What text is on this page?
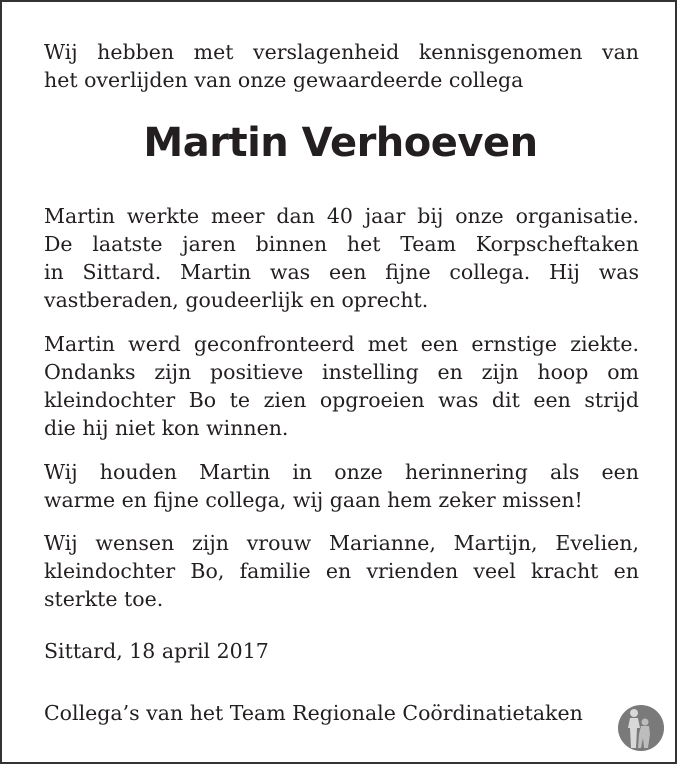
Wij hebben met verslagenheid kennisgenomen van
het overlijden van onze gewaardeerde collega
Martin Verhoeven
Martin werkte meer dan 40 jaar bij onze organisatie.
De laatste jaren binnen het Team Korpscheftaken
in Sittard. Martin was een fijne collega. Hij was
vastberaden, goudeerlijk en oprecht.
Martin werd geconfronteerd met een ernstige ziekte.
Ondanks zijn positieve instelling en zijn hoop om
kleindochter Bo te zien opgroeien was dit een strijd
die hij niet kon winnen.
Wij houden Martin in onze herinnering als een
warme en fijne collega, wij gaan hem zeker missen!
Wij wensen zijn vrouw Marianne, Martijn, Evelien,
kleindochter Bo, familie en vrienden veel kracht en
sterkte toe.
Sittard, 18 april 2017
Collega’s van het Team Regionale Coördinatietaken
